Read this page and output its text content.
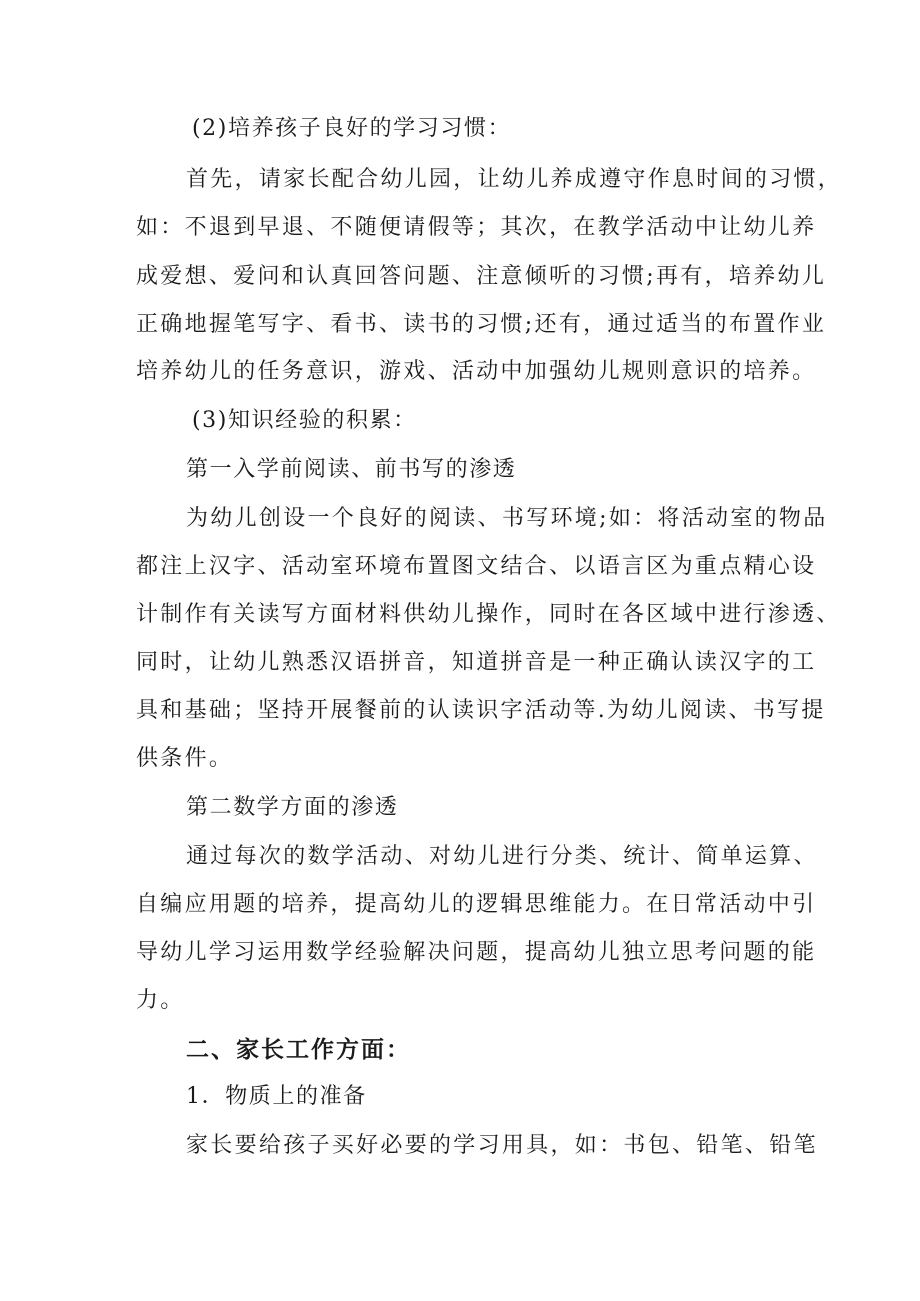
(2)培养孩子良好的学习习惯：
首先，请家长配合幼儿园，让幼儿养成遵守作息时间的习惯，
如：不退到早退、不随便请假等；其次，在教学活动中让幼儿养
成爱想、爱问和认真回答问题、注意倾听的习惯;再有，培养幼儿
正确地握笔写字、看书、读书的习惯;还有，通过适当的布置作业
培养幼儿的任务意识，游戏、活动中加强幼儿规则意识的培养。
(3)知识经验的积累：
第一入学前阅读、前书写的渗透
为幼儿创设一个良好的阅读、书写环境;如：将活动室的物品
都注上汉字、活动室环境布置图文结合、以语言区为重点精心设
计制作有关读写方面材料供幼儿操作，同时在各区域中进行渗透、
同时，让幼儿熟悉汉语拼音，知道拼音是一种正确认读汉字的工
具和基础；坚持开展餐前的认读识字活动等.为幼儿阅读、书写提
供条件。
第二数学方面的渗透
通过每次的数学活动、对幼儿进行分类、统计、简单运算、
自编应用题的培养，提高幼儿的逻辑思维能力。在日常活动中引
导幼儿学习运用数学经验解决问题，提高幼儿独立思考问题的能
力。
二、家长工作方面：
1．物质上的准备
家长要给孩子买好必要的学习用具，如：书包、铅笔、铅笔
